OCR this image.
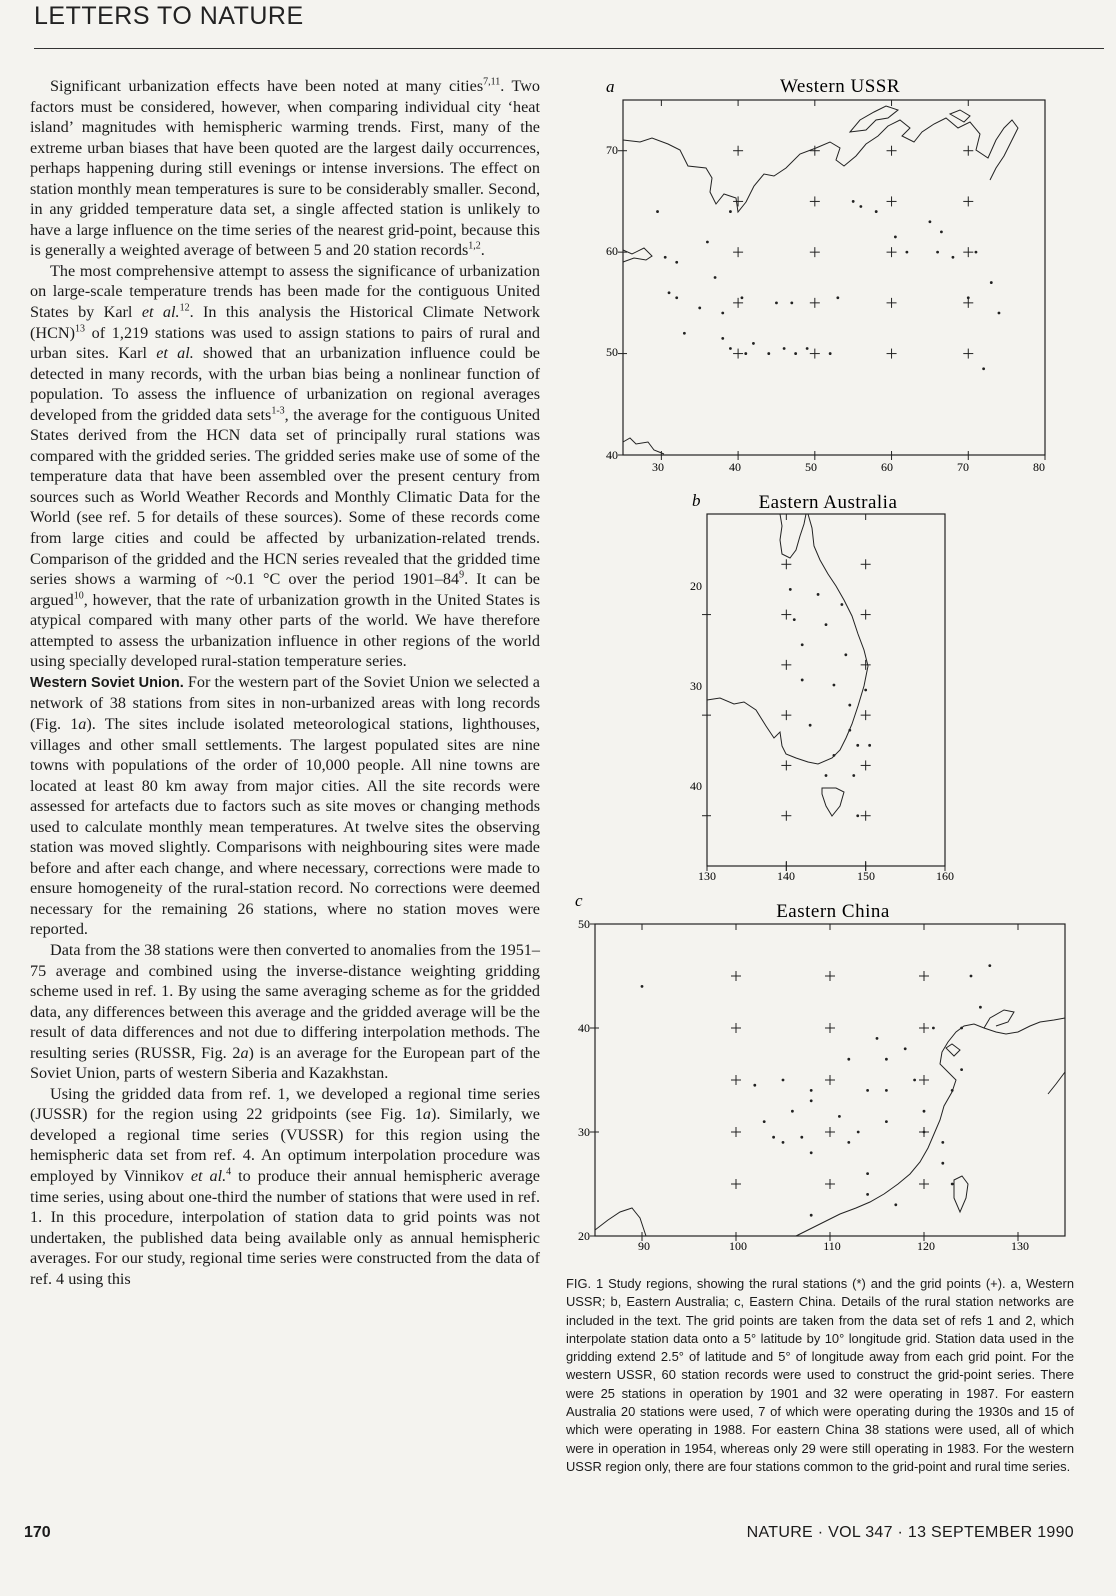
LETTERS TO NATURE

Significant urbanization effects have been noted at many cities$^{7,11}$. Two factors must be considered, however, when comparing individual city ‘heat island’ magnitudes with hemispheric warming trends. First, many of the extreme urban biases that have been quoted are the largest daily occurrences, perhaps happening during still evenings or intense inversions. The effect on station monthly mean temperatures is sure to be considerably smaller. Second, in any gridded temperature data set, a single affected station is unlikely to have a large influence on the time series of the nearest grid-point, because this is generally a weighted average of between 5 and 20 station records$^{1,2}$.

The most comprehensive attempt to assess the significance of urbanization on large-scale temperature trends has been made for the contiguous United States by Karl et al.$^{12}$. In this analysis the Historical Climate Network (HCN)$^{13}$ of 1,219 stations was used to assign stations to pairs of rural and urban sites. Karl et al. showed that an urbanization influence could be detected in many records, with the urban bias being a nonlinear function of population. To assess the influence of urbanization on regional averages developed from the gridded data sets$^{1-3}$, the average for the contiguous United States derived from the HCN data set of principally rural stations was compared with the gridded series. The gridded series make use of some of the temperature data that have been assembled over the present century from sources such as World Weather Records and Monthly Climatic Data for the World (see ref. 5 for details of these sources). Some of these records come from large cities and could be affected by urbanization-related trends. Comparison of the gridded and the HCN series revealed that the gridded time series shows a warming of ~0.1 °C over the period $1901-84^9$. It can be argued$^{10}$, however, that the rate of urbanization growth in the United States is atypical compared with many other parts of the world. We have therefore attempted to assess the urbanization influence in other regions of the world using specially developed rural-station temperature series.

Western Soviet Union. For the western part of the Soviet Union we selected a network of 38 stations from sites in non-urbanized areas with long records (Fig. 1a). The sites include isolated meteorological stations, lighthouses, villages and other small settlements. The largest populated sites are nine towns with populations of the order of 10,000 people. All nine towns are located at least 80 km away from major cities. All the site records were assessed for artefacts due to factors such as site moves or changing methods used to calculate monthly mean temperatures. At twelve sites the observing station was moved slightly. Comparisons with neighbouring sites were made before and after each change, and where necessary, corrections were made to ensure homogeneity of the rural-station record. No corrections were deemed necessary for the remaining 26 stations, where no station moves were reported.

Data from the 38 stations were then converted to anomalies from the 1951–75 average and combined using the inverse-distance weighting gridding scheme used in ref. 1. By using the same averaging scheme as for the gridded data, any differences between this average and the gridded average will be the result of data differences and not due to differing interpolation methods. The resulting series (RUSSR, Fig. 2a) is an average for the European part of the Soviet Union, parts of western Siberia and Kazakhstan.

Using the gridded data from ref. 1, we developed a regional time series (JUSSR) for the region using 22 gridpoints (see Fig. 1a). Similarly, we developed a regional time series (VUSSR) for this region using the hemispheric data set from ref. 4. An optimum interpolation procedure was employed by Vinnikov et al.$^4$ to produce their annual hemispheric average time series, using about one-third the number of stations that were used in ref. 1. In this procedure, interpolation of station data to grid points was not undertaken, the published data being available only as annual hemispheric averages. For our study, regional time series were constructed from the data of ref. 4 using this

a	Western USSR
70
60
50
40
30	40	50	60	70	80
b	Eastern Australia
20
30
40
130	140	150	160
c
Eastern China
50
40
30
20
90	100	110	120	130
FIG. 1 Study regions, showing the rural stations (*) and the grid points (+). a, Western USSR; b, Eastern Australia; c, Eastern China. Details of the rural station networks are included in the text. The grid points are taken from the data set of refs 1 and 2, which interpolate station data onto a 5° latitude by 10° longitude grid. Station data used in the gridding extend 2.5° of latitude and 5° of longitude away from each grid point. For the western USSR, 60 station records were used to construct the grid-point series. There were 25 stations in operation by 1901 and 32 were operating in 1987. For eastern Australia 20 stations were used, 7 of which were operating during the 1930s and 15 of which were operating in 1988. For eastern China 38 stations were used, all of which were in operation in 1954, whereas only 29 were still operating in 1983. For the western USSR region only, there are four stations common to the grid-point and rural time series.
170	NATURE · VOL 347 · 13 SEPTEMBER 1990
